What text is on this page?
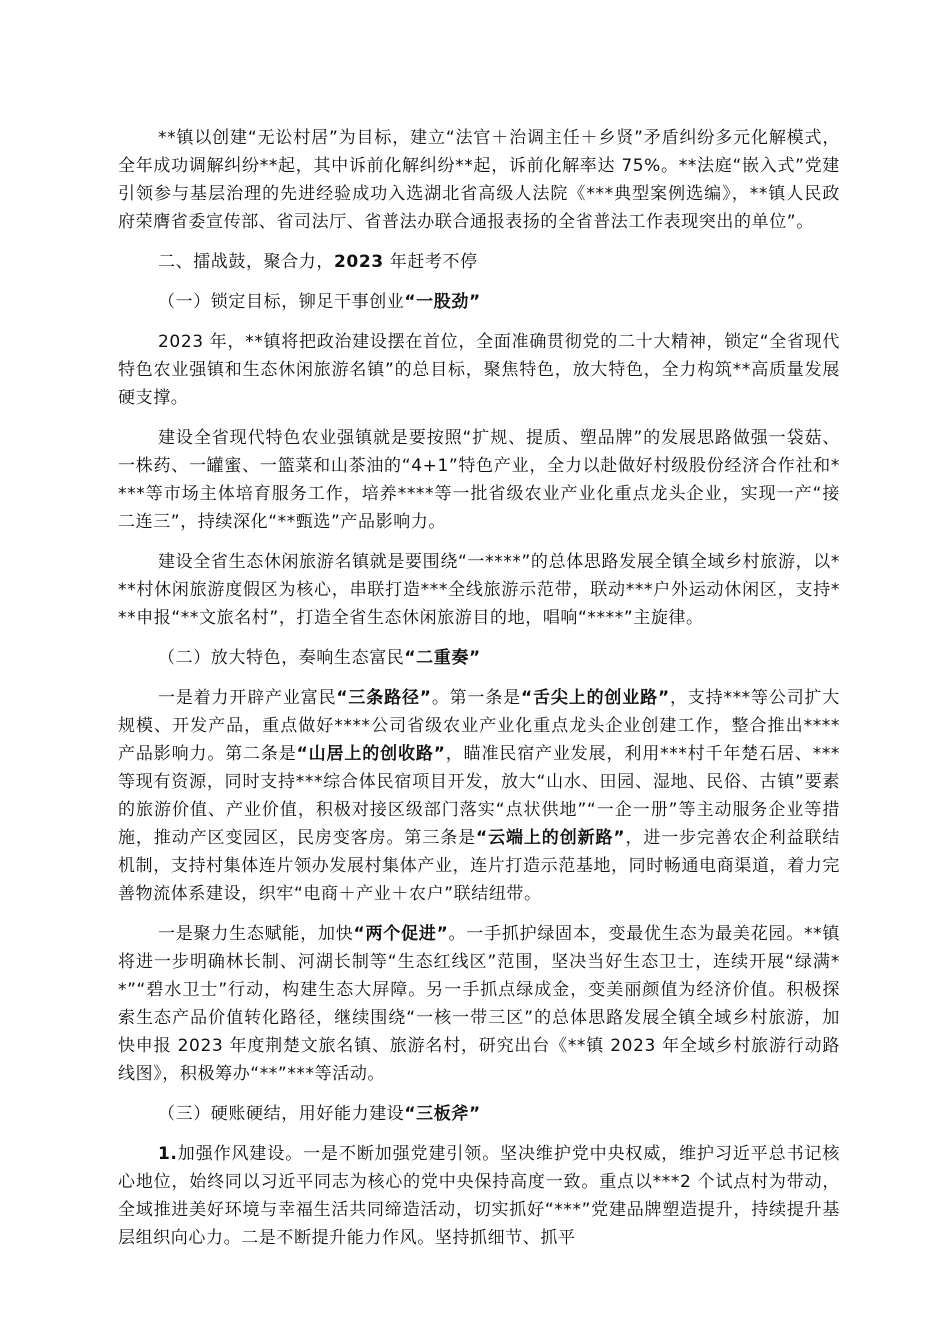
**镇以创建“无讼村居”为目标，建立“法官＋治调主任＋乡贤”矛盾纠纷多元化解模式，全年成功调解纠纷**起，其中诉前化解纠纷**起，诉前化解率达 75%。**法庭“嵌入式”党建引领参与基层治理的先进经验成功入选湖北省高级人法院《***典型案例选编》，**镇人民政府荣膺省委宣传部、省司法厅、省普法办联合通报表扬的全省普法工作表现突出的单位”。

二、擂战鼓，聚合力，2023 年赶考不停

（一）锁定目标，铆足干事创业“一股劲”

2023 年，**镇将把政治建设摆在首位，全面准确贯彻党的二十大精神，锁定“全省现代特色农业强镇和生态休闲旅游名镇”的总目标，聚焦特色，放大特色，全力构筑**高质量发展硬支撑。

建设全省现代特色农业强镇就是要按照“扩规、提质、塑品牌”的发展思路做强一袋菇、一株药、一罐蜜、一篮菜和山茶油的“4+1”特色产业，全力以赴做好村级股份经济合作社和****等市场主体培育服务工作，培养****等一批省级农业产业化重点龙头企业，实现一产“接二连三”，持续深化“**甄选”产品影响力。

建设全省生态休闲旅游名镇就是要围绕“一****”的总体思路发展全镇全域乡村旅游，以***村休闲旅游度假区为核心，串联打造***全线旅游示范带，联动***户外运动休闲区，支持***申报“**文旅名村”，打造全省生态休闲旅游目的地，唱响“****”主旋律。

（二）放大特色，奏响生态富民“二重奏”

一是着力开辟产业富民“三条路径”。第一条是“舌尖上的创业路”，支持***等公司扩大规模、开发产品，重点做好****公司省级农业产业化重点龙头企业创建工作，整合推出****产品影响力。第二条是“山居上的创收路”，瞄准民宿产业发展，利用***村千年楚石居、***等现有资源，同时支持***综合体民宿项目开发，放大“山水、田园、湿地、民俗、古镇”要素的旅游价值、产业价值，积极对接区级部门落实“点状供地”“一企一册”等主动服务企业等措施，推动产区变园区，民房变客房。第三条是“云端上的创新路”，进一步完善农企利益联结机制，支持村集体连片领办发展村集体产业，连片打造示范基地，同时畅通电商渠道，着力完善物流体系建设，织牢“电商＋产业＋农户”联结纽带。

一是聚力生态赋能，加快“两个促进”。一手抓护绿固本，变最优生态为最美花园。**镇将进一步明确林长制、河湖长制等“生态红线区”范围，坚决当好生态卫士，连续开展“绿满**”“碧水卫士”行动，构建生态大屏障。另一手抓点绿成金，变美丽颜值为经济价值。积极探索生态产品价值转化路径，继续围绕“一核一带三区”的总体思路发展全镇全域乡村旅游，加快申报 2023 年度荆楚文旅名镇、旅游名村，研究出台《**镇 2023 年全域乡村旅游行动路线图》，积极筹办“**”***等活动。

（三）硬账硬结，用好能力建设“三板斧”

1.加强作风建设。一是不断加强党建引领。坚决维护党中央权威，维护习近平总书记核心地位，始终同以习近平同志为核心的党中央保持高度一致。重点以***2 个试点村为带动，全域推进美好环境与幸福生活共同缔造活动，切实抓好“***”党建品牌塑造提升，持续提升基层组织向心力。二是不断提升能力作风。坚持抓细节、抓平
